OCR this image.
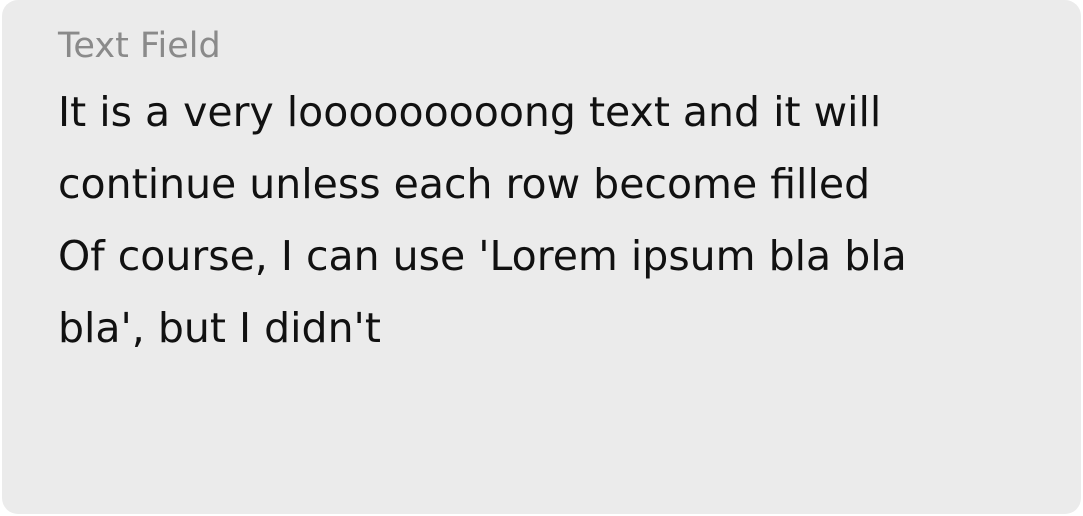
Text Field
It is a very looooooooong text and it will
continue unless each row become filled
Of course, I can use 'Lorem ipsum bla bla
bla', but I didn't
